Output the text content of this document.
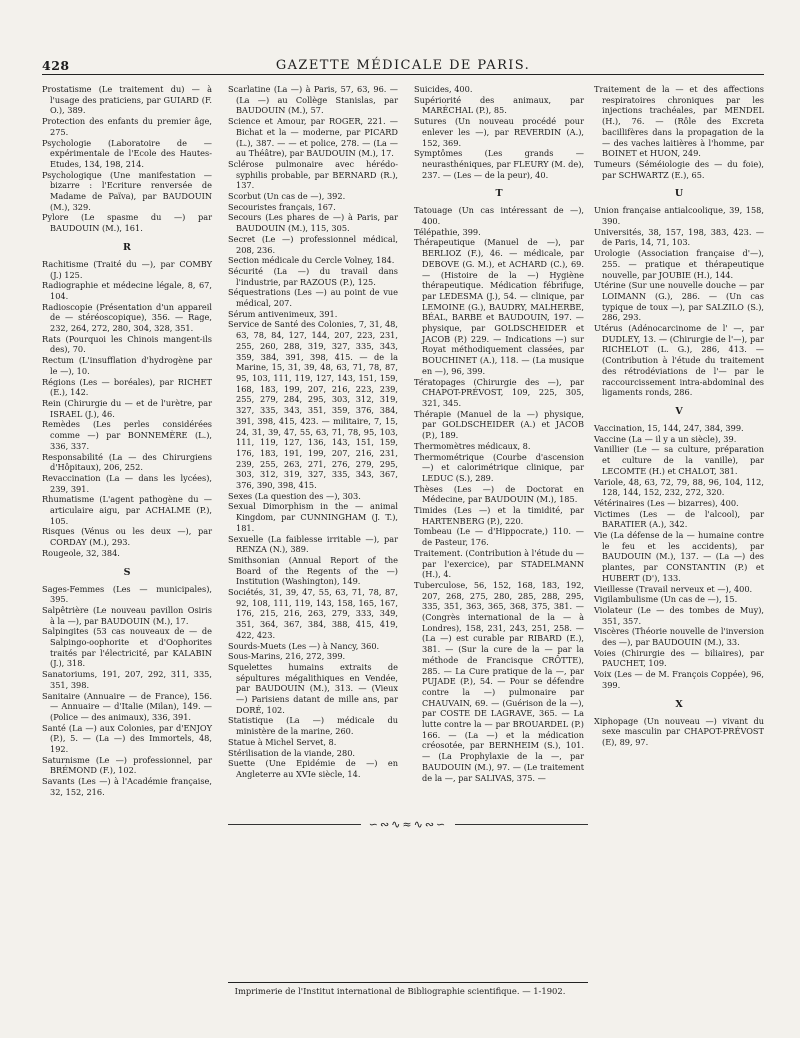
428	GAZETTE MÉDICALE DE PARIS.

Prostatisme (Le traitement du) — à l'usage des praticiens, par GUIARD (F. O.), 389.

Protection des enfants du premier âge, 275.

Psychologie (Laboratoire de — expérimentale de l'Ecole des Hautes-Etudes, 134, 198, 214.

Psychologique (Une manifestation — bizarre : l'Ecriture renversée de Madame de Païva), par BAUDOUIN (M.), 329.

Pylore (Le spasme du —) par BAUDOUIN (M.), 161.

R

Rachitisme (Traité du —), par COMBY (J.) 125.

Radiographie et médecine légale, 8, 67, 104.

Radioscopie (Présentation d'un appareil de — stéréoscopique), 356. — Rage, 232, 264, 272, 280, 304, 328, 351.

Rats (Pourquoi les Chinois mangent-ils des), 70.

Rectum (L'insufflation d'hydrogène par le —), 10.

Régions (Les — boréales), par RICHET (E.), 142.

Rein (Chirurgie du — et de l'urètre, par ISRAEL (J.), 46.

Remèdes (Les perles considérées comme —) par BONNEMÈRE (L.), 336, 337.

Responsabilité (La — des Chirurgiens d'Hôpitaux), 206, 252.

Revaccination (La — dans les lycées), 239, 391.

Rhumatisme (L'agent pathogène du — articulaire aigu, par ACHALME (P.), 105.

Risques (Vénus ou les deux —), par CORDAY (M.), 293.

Rougeole, 32, 384.

S

Sages-Femmes (Les — municipales), 395.

Salpêtrière (Le nouveau pavillon Osiris à la —), par BAUDOUIN (M.), 17.

Salpingites (53 cas nouveaux de — de Salpingo-oophorite et d'Oophorites traités par l'électricité, par KALABIN (J.), 318.

Sanatoriums, 191, 207, 292, 311, 335, 351, 398.

Sanitaire (Annuaire — de France), 156. — Annuaire — d'Italie (Milan), 149. — (Police — des animaux), 336, 391.

Santé (La —) aux Colonies, par d'ENJOY (P.), 5. — (La —) des Immortels, 48, 192.

Saturnisme (Le —) professionnel, par BRÉMOND (F.), 102.

Savants (Les —) à l'Académie française, 32, 152, 216.

Scarlatine (La —) à Paris, 57, 63, 96. — (La —) au Collège Stanislas, par BAUDOUIN (M.), 57.

Science et Amour, par ROGER, 221. — Bichat et la — moderne, par PICARD (L.), 387. — — et police, 278. — (La — au Théâtre), par BAUDOUIN (M.), 17.

Sclérose pulmonaire avec hérédo-syphilis probable, par BERNARD (R.), 137.

Scorbut (Un cas de —), 392.

Secouristes français, 167.

Secours (Les phares de —) à Paris, par BAUDOUIN (M.), 115, 305.

Secret (Le —) professionnel médical, 208, 236.

Section médicale du Cercle Volney, 184.

Sécurité (La —) du travail dans l'industrie, par RAZOUS (P.), 125.

Séquestrations (Les —) au point de vue médical, 207.

Sérum antivenimeux, 391.

Service de Santé des Colonies, 7, 31, 48, 63, 78, 84, 127, 144, 207, 223, 231, 255, 260, 288, 319, 327, 335, 343, 359, 384, 391, 398, 415. — de la Marine, 15, 31, 39, 48, 63, 71, 78, 87, 95, 103, 111, 119, 127, 143, 151, 159, 168, 183, 199, 207, 216, 223, 239, 255, 279, 284, 295, 303, 312, 319, 327, 335, 343, 351, 359, 376, 384, 391, 398, 415, 423. — militaire, 7, 15, 24, 31, 39, 47, 55, 63, 71, 78, 95, 103, 111, 119, 127, 136, 143, 151, 159, 176, 183, 191, 199, 207, 216, 231, 239, 255, 263, 271, 276, 279, 295, 303, 312, 319, 327, 335, 343, 367, 376, 390, 398, 415.

Sexes (La question des —), 303.

Sexual Dimorphism in the — animal Kingdom, par CUNNINGHAM (J. T.), 181.

Sexuelle (La faiblesse irritable —), par RENZA (N.), 389.

Smithsonian (Annual Report of the Board of the Regents of the —) Institution (Washington), 149.

Sociétés, 31, 39, 47, 55, 63, 71, 78, 87, 92, 108, 111, 119, 143, 158, 165, 167, 176, 215, 216, 263, 279, 333, 349, 351, 364, 367, 384, 388, 415, 419, 422, 423.

Sourds-Muets (Les —) à Nancy, 360.

Sous-Marins, 216, 272, 399.

Squelettes humains extraits de sépultures mégalithiques en Vendée, par BAUDOUIN (M.), 313. — (Vieux —) Parisiens datant de mille ans, par DORÉ, 102.

Statistique (La —) médicale du ministère de la marine, 260.

Statue à Michel Servet, 8.

Stérilisation de la viande, 280.

Suette (Une Epidémie de —) en Angleterre au XVIe siècle, 14.

Suicides, 400.

Supériorité des animaux, par MARÉCHAL (P.), 85.

Sutures (Un nouveau procédé pour enlever les —), par REVERDIN (A.), 152, 369.

Symptômes (Les grands — neurasthéniques, par FLEURY (M. de), 237. — (Les — de la peur), 40.

T

Tatouage (Un cas intéressant de —), 400.

Télépathie, 399.

Thérapeutique (Manuel de —), par BERLIOZ (F.), 46. — médicale, par DEBOVE (G. M.), et ACHARD (C.), 69. — (Histoire de la —) Hygiène thérapeutique. Médication fébrifuge, par LEDESMA (J.), 54. — clinique, par LEMOINE (G.), BAUDRY, MALHERBE, BÉAL, BARBE et BAUDOUIN, 197. — physique, par GOLDSCHEIDER et JACOB (P.) 229. — Indications —) sur Royat méthodiquement classées, par BOUCHINET (A.), 118. — (La musique en —), 96, 399.

Tératopages (Chirurgie des —), par CHAPOT-PRÉVOST, 109, 225, 305, 321, 345.

Thérapie (Manuel de la —) physique, par GOLDSCHEIDER (A.) et JACOB (P.), 189.

Thermomètres médicaux, 8.

Thermométrique (Courbe d'ascension —) et calorimétrique clinique, par LEDUC (S.), 289.

Thèses (Les —) de Doctorat en Médecine, par BAUDOUIN (M.), 185.

Timides (Les —) et la timidité, par HARTENBERG (P.), 220.

Tombeau (Le — d'Hippocrate,) 110. — de Pasteur, 176.

Traitement. (Contribution à l'étude du — par l'exercice), par STADELMANN (H.), 4.

Tuberculose, 56, 152, 168, 183, 192, 207, 268, 275, 280, 285, 288, 295, 335, 351, 363, 365, 368, 375, 381. — (Congrès international de la — à Londres), 158, 231, 243, 251, 258. — (La —) est curable par RIBARD (E.), 381. — (Sur la cure de la — par la méthode de Francisque CRÔTTE), 285. — La Cure pratique de la —, par PUJADE (P.), 54. — Pour se défendre contre la —) pulmonaire par CHAUVAIN, 69. — (Guérison de la —), par COSTE DE LAGRAVE, 365. — La lutte contre la — par BROUARDEL (P.) 166. — (La —) et la médication créosotée, par BERNHEIM (S.), 101. — (La Prophylaxie de la —, par BAUDOUIN (M.), 97. — (Le traitement de la —, par SALIVAS, 375. —

Traitement de la — et des affections respiratoires chroniques par les injections trachéales, par MENDEL (H.), 76. — (Rôle des Excreta bacillifères dans la propagation de la — des vaches laitières à l'homme, par BOINET et HUON, 249.

Tumeurs (Séméiologie des — du foie), par SCHWARTZ (E.), 65.

U

Union française antialcoolique, 39, 158, 390.

Universités, 38, 157, 198, 383, 423. — de Paris, 14, 71, 103.

Urologie (Association française d'—), 255. — pratique et thérapeutique nouvelle, par JOUBIE (H.), 144.

Utérine (Sur une nouvelle douche — par LOIMANN (G.), 286. — (Un cas typique de toux —), par SALZILO (S.), 286, 293.

Utérus (Adénocarcinome de l' —, par DUDLEY, 13. — (Chirurgie de l'—), par RICHELOT (L. G.), 286, 413. — (Contribution à l'étude du traitement des rétrodéviations de l'— par le raccourcissement intra-abdominal des ligaments ronds, 286.

V

Vaccination, 15, 144, 247, 384, 399.

Vaccine (La — il y a un siècle), 39.

Vanillier (Le — sa culture, préparation et culture de la vanille), par LECOMTE (H.) et CHALOT, 381.

Variole, 48, 63, 72, 79, 88, 96, 104, 112, 128, 144, 152, 232, 272, 320.

Vétérinaires (Les — bizarres), 400.

Victimes (Les — de l'alcool), par BARATIER (A.), 342.

Vie (La défense de la — humaine contre le feu et les accidents), par BAUDOUIN (M.), 137. — (La —) des plantes, par CONSTANTIN (P.) et HUBERT (D'), 133.

Vieillesse (Travail nerveux et —), 400.

Vigilambulisme (Un cas de —), 15.

Violateur (Le — des tombes de Muy), 351, 357.

Viscères (Théorie nouvelle de l'inversion des —), par BAUDOUIN (M.), 33.

Voies (Chirurgie des — biliaires), par PAUCHET, 109.

Voix (Les — de M. François Coppée), 96, 399.

X

Xiphopage (Un nouveau —) vivant du sexe masculin par CHAPOT-PRÉVOST (E), 89, 97.

∽∾∿≈∿∾∽
Imprimerie de l'Institut international de Bibliographie scientifique. — 1-1902.
